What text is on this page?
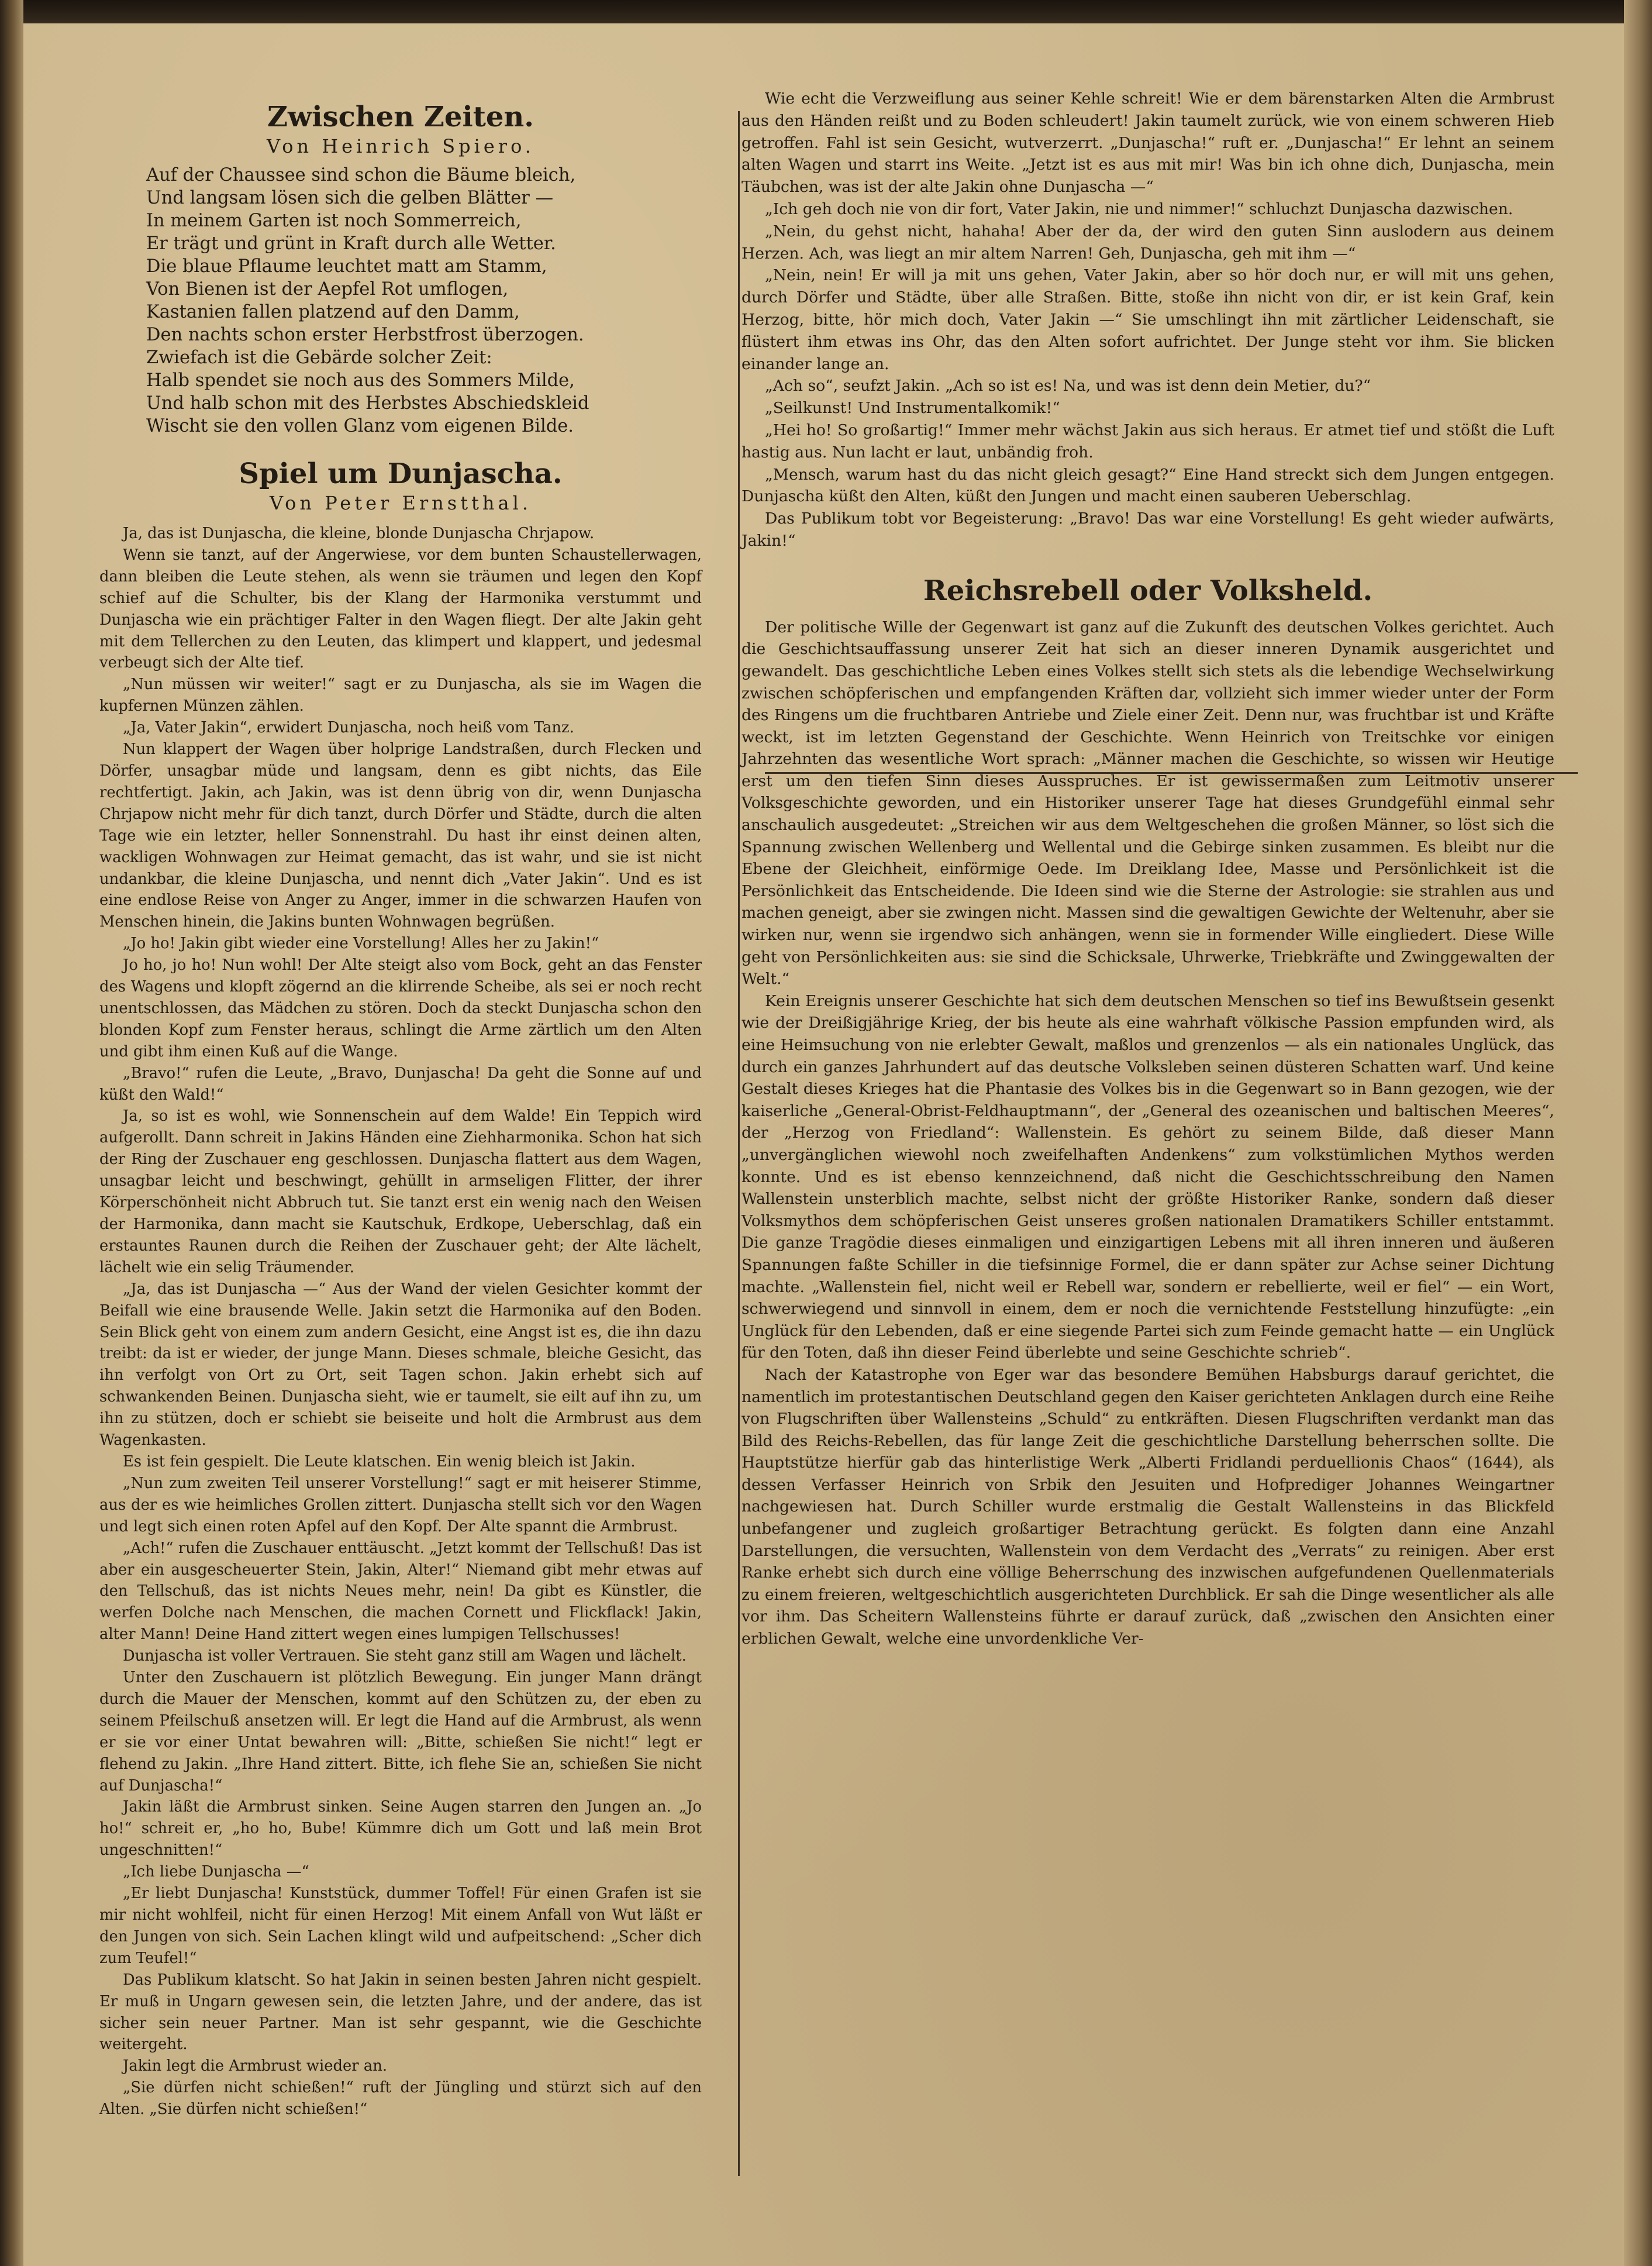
Zwischen Zeiten.

Von Heinrich Spiero.

Auf der Chaussee sind schon die Bäume bleich,
Und langsam lösen sich die gelben Blätter —
In meinem Garten ist noch Sommerreich,
Er trägt und grünt in Kraft durch alle Wetter.
Die blaue Pflaume leuchtet matt am Stamm,
Von Bienen ist der Aepfel Rot umflogen,
Kastanien fallen platzend auf den Damm,
Den nachts schon erster Herbstfrost überzogen.
Zwiefach ist die Gebärde solcher Zeit:
Halb spendet sie noch aus des Sommers Milde,
Und halb schon mit des Herbstes Abschiedskleid
Wischt sie den vollen Glanz vom eigenen Bilde.
Spiel um Dunjascha.

Von Peter Ernstthal.

Ja, das ist Dunjascha, die kleine, blonde Dunjascha Chrjapow.

Wenn sie tanzt, auf der Angerwiese, vor dem bunten Schaustellerwagen, dann bleiben die Leute stehen, als wenn sie träumen und legen den Kopf schief auf die Schulter, bis der Klang der Harmonika verstummt und Dunjascha wie ein prächtiger Falter in den Wagen fliegt. Der alte Jakin geht mit dem Tellerchen zu den Leuten, das klimpert und klappert, und jedesmal verbeugt sich der Alte tief.

„Nun müssen wir weiter!“ sagt er zu Dunjascha, als sie im Wagen die kupfernen Münzen zählen.

„Ja, Vater Jakin“, erwidert Dunjascha, noch heiß vom Tanz.

Nun klappert der Wagen über holprige Landstraßen, durch Flecken und Dörfer, unsagbar müde und langsam, denn es gibt nichts, das Eile rechtfertigt. Jakin, ach Jakin, was ist denn übrig von dir, wenn Dunjascha Chrjapow nicht mehr für dich tanzt, durch Dörfer und Städte, durch die alten Tage wie ein letzter, heller Sonnenstrahl. Du hast ihr einst deinen alten, wackligen Wohnwagen zur Heimat gemacht, das ist wahr, und sie ist nicht undankbar, die kleine Dunjascha, und nennt dich „Vater Jakin“. Und es ist eine endlose Reise von Anger zu Anger, immer in die schwarzen Haufen von Menschen hinein, die Jakins bunten Wohnwagen begrüßen.

„Jo ho! Jakin gibt wieder eine Vorstellung! Alles her zu Jakin!“

Jo ho, jo ho! Nun wohl! Der Alte steigt also vom Bock, geht an das Fenster des Wagens und klopft zögernd an die klirrende Scheibe, als sei er noch recht unentschlossen, das Mädchen zu stören. Doch da steckt Dunjascha schon den blonden Kopf zum Fenster heraus, schlingt die Arme zärtlich um den Alten und gibt ihm einen Kuß auf die Wange.

„Bravo!“ rufen die Leute, „Bravo, Dunjascha! Da geht die Sonne auf und küßt den Wald!“

Ja, so ist es wohl, wie Sonnenschein auf dem Walde! Ein Teppich wird aufgerollt. Dann schreit in Jakins Händen eine Ziehharmonika. Schon hat sich der Ring der Zuschauer eng geschlossen. Dunjascha flattert aus dem Wagen, unsagbar leicht und beschwingt, gehüllt in armseligen Flitter, der ihrer Körperschönheit nicht Abbruch tut. Sie tanzt erst ein wenig nach den Weisen der Harmonika, dann macht sie Kautschuk, Erdkope, Ueberschlag, daß ein erstauntes Raunen durch die Reihen der Zuschauer geht; der Alte lächelt, lächelt wie ein selig Träumender.

„Ja, das ist Dunjascha —“ Aus der Wand der vielen Gesichter kommt der Beifall wie eine brausende Welle. Jakin setzt die Harmonika auf den Boden. Sein Blick geht von einem zum andern Gesicht, eine Angst ist es, die ihn dazu treibt: da ist er wieder, der junge Mann. Dieses schmale, bleiche Gesicht, das ihn verfolgt von Ort zu Ort, seit Tagen schon. Jakin erhebt sich auf schwankenden Beinen. Dunjascha sieht, wie er taumelt, sie eilt auf ihn zu, um ihn zu stützen, doch er schiebt sie beiseite und holt die Armbrust aus dem Wagenkasten.

Es ist fein gespielt. Die Leute klatschen. Ein wenig bleich ist Jakin.

„Nun zum zweiten Teil unserer Vorstellung!“ sagt er mit heiserer Stimme, aus der es wie heimliches Grollen zittert. Dunjascha stellt sich vor den Wagen und legt sich einen roten Apfel auf den Kopf. Der Alte spannt die Armbrust.

„Ach!“ rufen die Zuschauer enttäuscht. „Jetzt kommt der Tellschuß! Das ist aber ein ausgescheuerter Stein, Jakin, Alter!“ Niemand gibt mehr etwas auf den Tellschuß, das ist nichts Neues mehr, nein! Da gibt es Künstler, die werfen Dolche nach Menschen, die machen Cornett und Flickflack! Jakin, alter Mann! Deine Hand zittert wegen eines lumpigen Tellschusses!

Dunjascha ist voller Vertrauen. Sie steht ganz still am Wagen und lächelt.

Unter den Zuschauern ist plötzlich Bewegung. Ein junger Mann drängt durch die Mauer der Menschen, kommt auf den Schützen zu, der eben zu seinem Pfeilschuß ansetzen will. Er legt die Hand auf die Armbrust, als wenn er sie vor einer Untat bewahren will: „Bitte, schießen Sie nicht!“ legt er flehend zu Jakin. „Ihre Hand zittert. Bitte, ich flehe Sie an, schießen Sie nicht auf Dunjascha!“

Jakin läßt die Armbrust sinken. Seine Augen starren den Jungen an. „Jo ho!“ schreit er, „ho ho, Bube! Kümmre dich um Gott und laß mein Brot ungeschnitten!“

„Ich liebe Dunjascha —“

„Er liebt Dunjascha! Kunststück, dummer Toffel! Für einen Grafen ist sie mir nicht wohlfeil, nicht für einen Herzog! Mit einem Anfall von Wut läßt er den Jungen von sich. Sein Lachen klingt wild und aufpeitschend: „Scher dich zum Teufel!“

Das Publikum klatscht. So hat Jakin in seinen besten Jahren nicht gespielt. Er muß in Ungarn gewesen sein, die letzten Jahre, und der andere, das ist sicher sein neuer Partner. Man ist sehr gespannt, wie die Geschichte weitergeht.

Jakin legt die Armbrust wieder an.

„Sie dürfen nicht schießen!“ ruft der Jüngling und stürzt sich auf den Alten. „Sie dürfen nicht schießen!“

Wie echt die Verzweiflung aus seiner Kehle schreit! Wie er dem bärenstarken Alten die Armbrust aus den Händen reißt und zu Boden schleudert! Jakin taumelt zurück, wie von einem schweren Hieb getroffen. Fahl ist sein Gesicht, wutverzerrt. „Dunjascha!“ ruft er. „Dunjascha!“ Er lehnt an seinem alten Wagen und starrt ins Weite. „Jetzt ist es aus mit mir! Was bin ich ohne dich, Dunjascha, mein Täubchen, was ist der alte Jakin ohne Dunjascha —“

„Ich geh doch nie von dir fort, Vater Jakin, nie und nimmer!“ schluchzt Dunjascha dazwischen.

„Nein, du gehst nicht, hahaha! Aber der da, der wird den guten Sinn auslodern aus deinem Herzen. Ach, was liegt an mir altem Narren! Geh, Dunjascha, geh mit ihm —“

„Nein, nein! Er will ja mit uns gehen, Vater Jakin, aber so hör doch nur, er will mit uns gehen, durch Dörfer und Städte, über alle Straßen. Bitte, stoße ihn nicht von dir, er ist kein Graf, kein Herzog, bitte, hör mich doch, Vater Jakin —“ Sie umschlingt ihn mit zärtlicher Leidenschaft, sie flüstert ihm etwas ins Ohr, das den Alten sofort aufrichtet. Der Junge steht vor ihm. Sie blicken einander lange an.

„Ach so“, seufzt Jakin. „Ach so ist es! Na, und was ist denn dein Metier, du?“

„Seilkunst! Und Instrumentalkomik!“

„Hei ho! So großartig!“ Immer mehr wächst Jakin aus sich heraus. Er atmet tief und stößt die Luft hastig aus. Nun lacht er laut, unbändig froh.

„Mensch, warum hast du das nicht gleich gesagt?“ Eine Hand streckt sich dem Jungen entgegen. Dunjascha küßt den Alten, küßt den Jungen und macht einen sauberen Ueberschlag.

Das Publikum tobt vor Begeisterung: „Bravo! Das war eine Vorstellung! Es geht wieder aufwärts, Jakin!“

Reichsrebell oder Volksheld.

Der politische Wille der Gegenwart ist ganz auf die Zukunft des deutschen Volkes gerichtet. Auch die Geschichtsauffassung unserer Zeit hat sich an dieser inneren Dynamik ausgerichtet und gewandelt. Das geschichtliche Leben eines Volkes stellt sich stets als die lebendige Wechselwirkung zwischen schöpferischen und empfangenden Kräften dar, vollzieht sich immer wieder unter der Form des Ringens um die fruchtbaren Antriebe und Ziele einer Zeit. Denn nur, was fruchtbar ist und Kräfte weckt, ist im letzten Gegenstand der Geschichte. Wenn Heinrich von Treitschke vor einigen Jahrzehnten das wesentliche Wort sprach: „Männer machen die Geschichte, so wissen wir Heutige erst um den tiefen Sinn dieses Ausspruches. Er ist gewissermaßen zum Leitmotiv unserer Volksgeschichte geworden, und ein Historiker unserer Tage hat dieses Grundgefühl einmal sehr anschaulich ausgedeutet: „Streichen wir aus dem Weltgeschehen die großen Männer, so löst sich die Spannung zwischen Wellenberg und Wellental und die Gebirge sinken zusammen. Es bleibt nur die Ebene der Gleichheit, einförmige Oede. Im Dreiklang Idee, Masse und Persönlichkeit ist die Persönlichkeit das Entscheidende. Die Ideen sind wie die Sterne der Astrologie: sie strahlen aus und machen geneigt, aber sie zwingen nicht. Massen sind die gewaltigen Gewichte der Weltenuhr, aber sie wirken nur, wenn sie irgendwo sich anhängen, wenn sie in formender Wille eingliedert. Diese Wille geht von Persönlichkeiten aus: sie sind die Schicksale, Uhrwerke, Triebkräfte und Zwinggewalten der Welt.“

Kein Ereignis unserer Geschichte hat sich dem deutschen Menschen so tief ins Bewußtsein gesenkt wie der Dreißigjährige Krieg, der bis heute als eine wahrhaft völkische Passion empfunden wird, als eine Heimsuchung von nie erlebter Gewalt, maßlos und grenzenlos — als ein nationales Unglück, das durch ein ganzes Jahrhundert auf das deutsche Volksleben seinen düsteren Schatten warf. Und keine Gestalt dieses Krieges hat die Phantasie des Volkes bis in die Gegenwart so in Bann gezogen, wie der kaiserliche „General-Obrist-Feldhauptmann“, der „General des ozeanischen und baltischen Meeres“, der „Herzog von Friedland“: Wallenstein. Es gehört zu seinem Bilde, daß dieser Mann „unvergänglichen wiewohl noch zweifelhaften Andenkens“ zum volkstümlichen Mythos werden konnte. Und es ist ebenso kennzeichnend, daß nicht die Geschichtsschreibung den Namen Wallenstein unsterblich machte, selbst nicht der größte Historiker Ranke, sondern daß dieser Volksmythos dem schöpferischen Geist unseres großen nationalen Dramatikers Schiller entstammt. Die ganze Tragödie dieses einmaligen und einzigartigen Lebens mit all ihren inneren und äußeren Spannungen faßte Schiller in die tiefsinnige Formel, die er dann später zur Achse seiner Dichtung machte. „Wallenstein fiel, nicht weil er Rebell war, sondern er rebellierte, weil er fiel“ — ein Wort, schwerwiegend und sinnvoll in einem, dem er noch die vernichtende Feststellung hinzufügte: „ein Unglück für den Lebenden, daß er eine siegende Partei sich zum Feinde gemacht hatte — ein Unglück für den Toten, daß ihn dieser Feind überlebte und seine Geschichte schrieb“.

Nach der Katastrophe von Eger war das besondere Bemühen Habsburgs darauf gerichtet, die namentlich im protestantischen Deutschland gegen den Kaiser gerichteten Anklagen durch eine Reihe von Flugschriften über Wallensteins „Schuld“ zu entkräften. Diesen Flugschriften verdankt man das Bild des Reichs-Rebellen, das für lange Zeit die geschichtliche Darstellung beherrschen sollte. Die Hauptstütze hierfür gab das hinterlistige Werk „Alberti Fridlandi perduellionis Chaos“ (1644), als dessen Verfasser Heinrich von Srbik den Jesuiten und Hofprediger Johannes Weingartner nachgewiesen hat. Durch Schiller wurde erstmalig die Gestalt Wallensteins in das Blickfeld unbefangener und zugleich großartiger Betrachtung gerückt. Es folgten dann eine Anzahl Darstellungen, die versuchten, Wallenstein von dem Verdacht des „Verrats“ zu reinigen. Aber erst Ranke erhebt sich durch eine völlige Beherrschung des inzwischen aufgefundenen Quellenmaterials zu einem freieren, weltgeschichtlich ausgerichteten Durchblick. Er sah die Dinge wesentlicher als alle vor ihm. Das Scheitern Wallensteins führte er darauf zurück, daß „zwischen den Ansichten einer erblichen Gewalt, welche eine unvordenkliche Ver-
